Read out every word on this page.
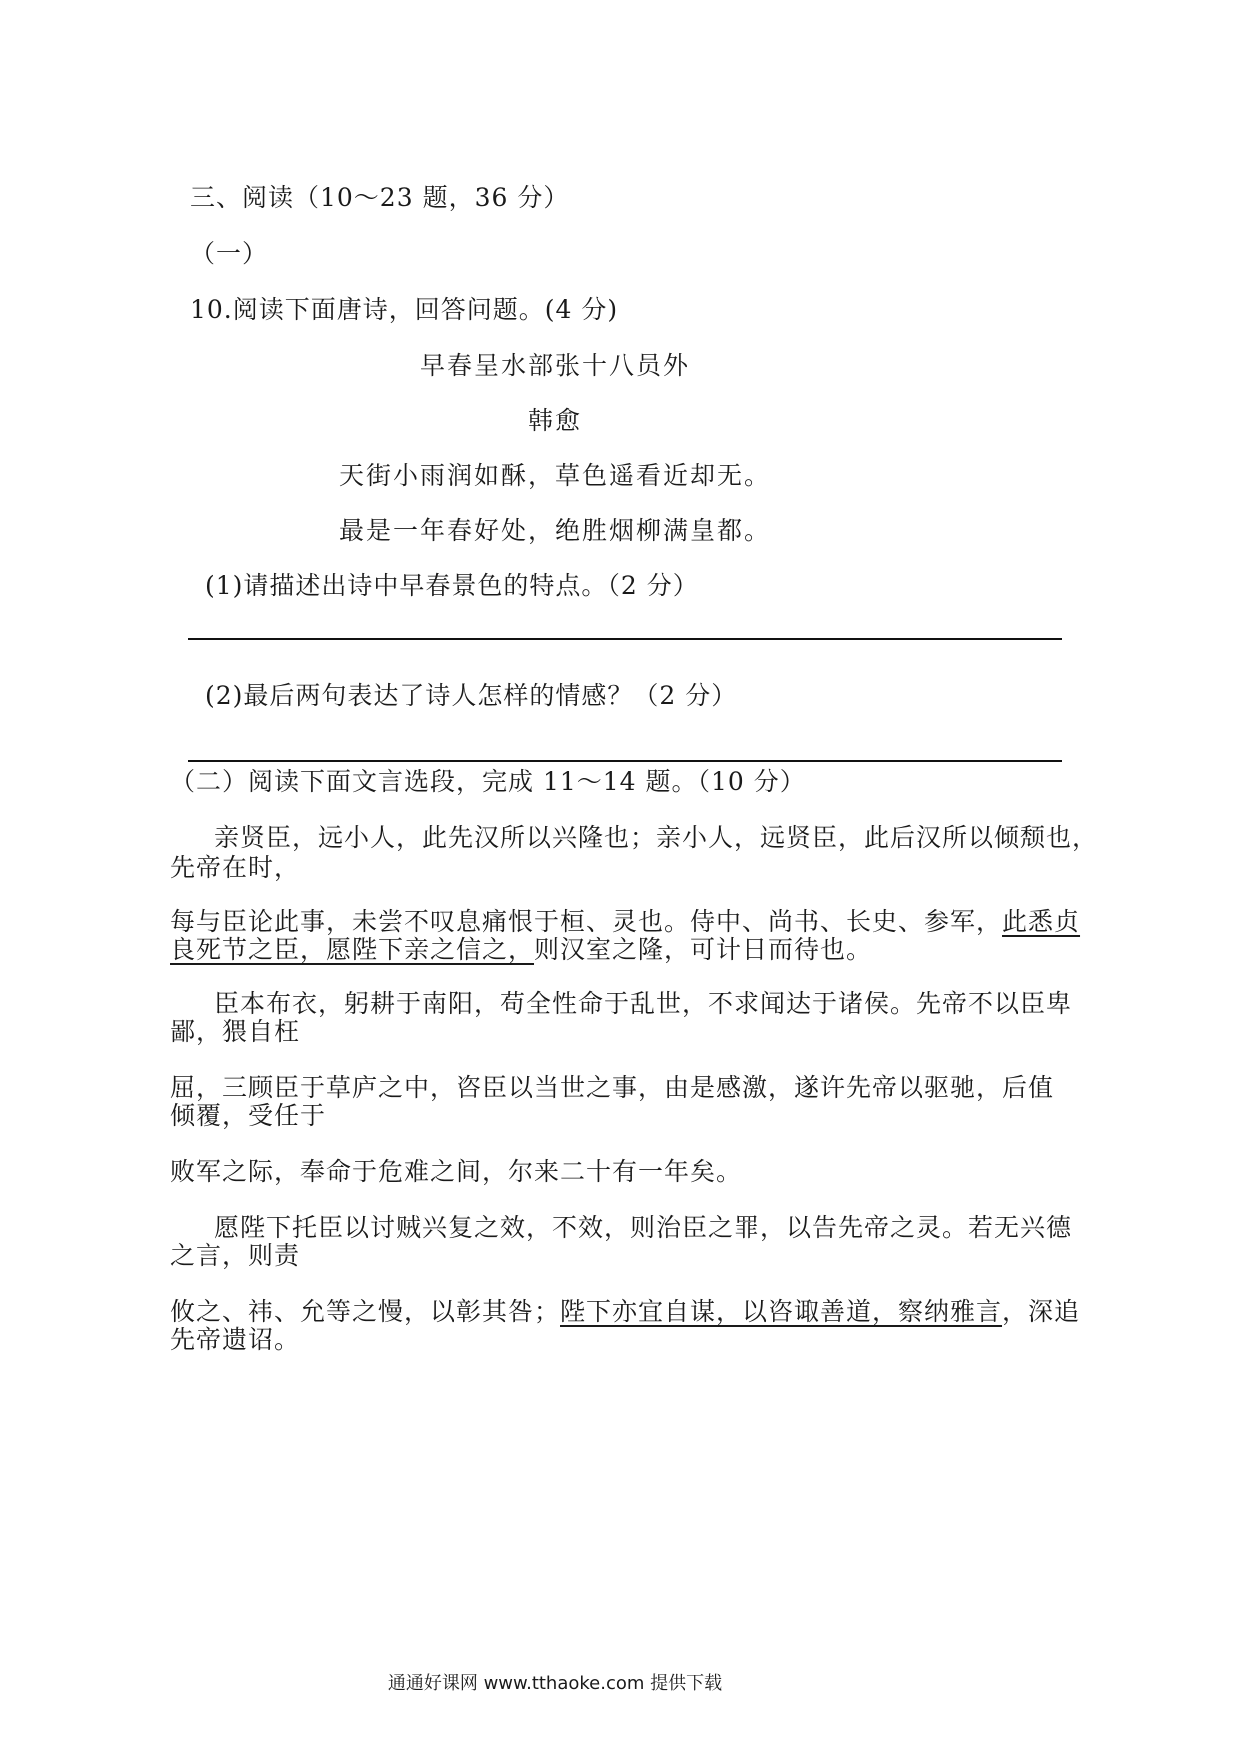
三、阅读（10～23 题，36 分）
（一）
10.阅读下面唐诗，回答问题。(4 分)
早春呈水部张十八员外
韩愈
天街小雨润如酥，草色遥看近却无。
最是一年春好处，绝胜烟柳满皇都。
(1)请描述出诗中早春景色的特点。（2 分）
(2)最后两句表达了诗人怎样的情感？（2 分）
（二）阅读下面文言选段，完成 11～14 题。（10 分）
亲贤臣，远小人，此先汉所以兴隆也；亲小人，远贤臣，此后汉所以倾颓也，
先帝在时，
每与臣论此事，未尝不叹息痛恨于桓、灵也。侍中、尚书、长史、参军，此悉贞
良死节之臣，愿陛下亲之信之，则汉室之隆，可计日而待也。
臣本布衣，躬耕于南阳，苟全性命于乱世，不求闻达于诸侯。先帝不以臣卑
鄙，猥自枉
屈，三顾臣于草庐之中，咨臣以当世之事，由是感激，遂许先帝以驱驰，后值
倾覆，受任于
败军之际，奉命于危难之间，尔来二十有一年矣。
愿陛下托臣以讨贼兴复之效，不效，则治臣之罪，以告先帝之灵。若无兴德
之言，则责
攸之、祎、允等之慢，以彰其咎；陛下亦宜自谋，以咨诹善道，察纳雅言，深追
先帝遗诏。
通通好课网 www.tthaoke.com 提供下载
